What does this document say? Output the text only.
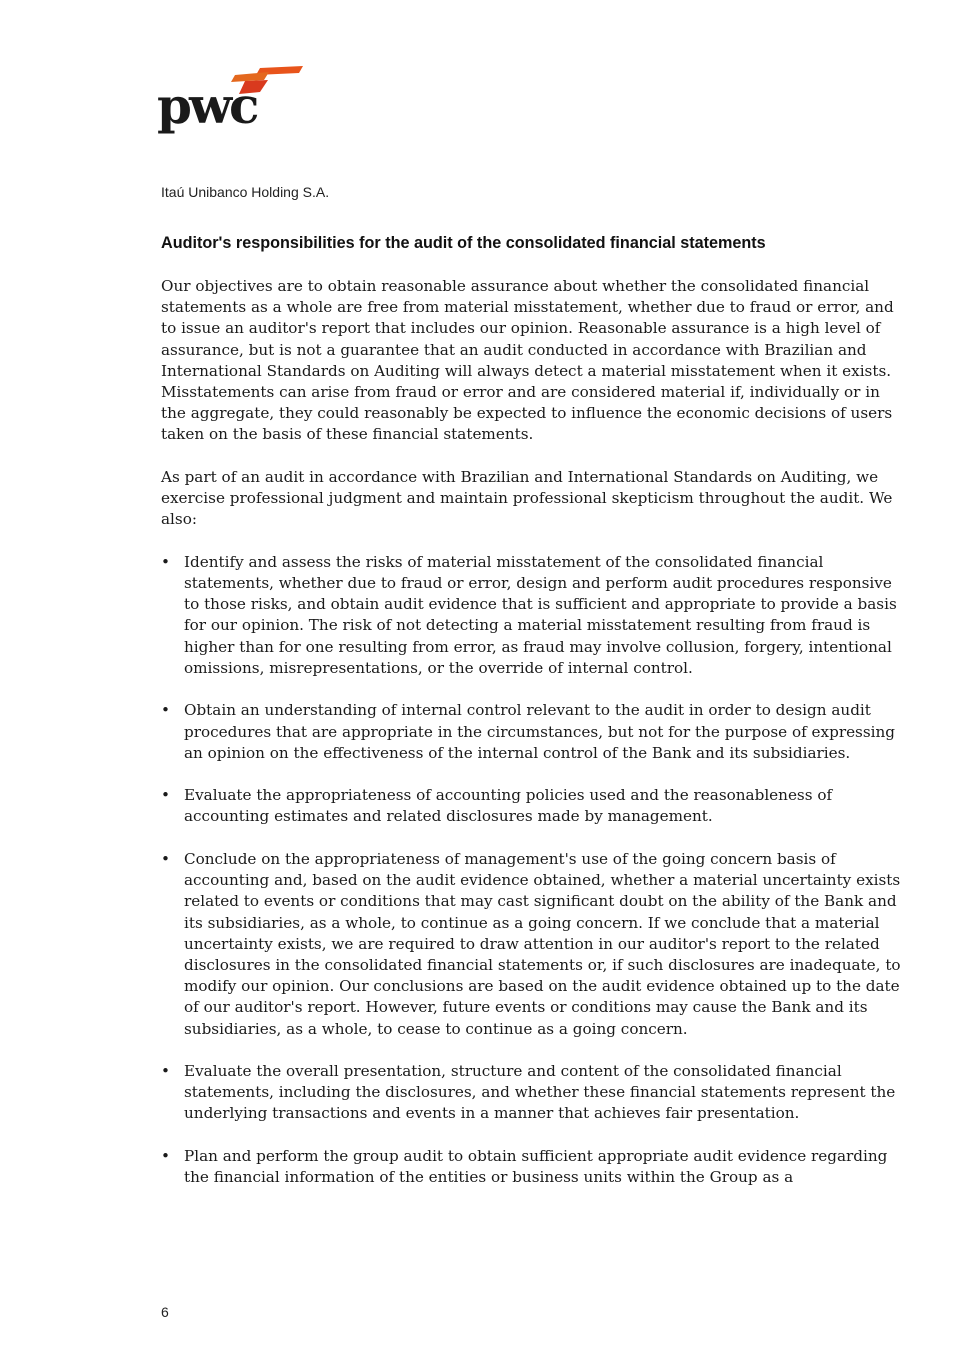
pwc

Itaú Unibanco Holding S.A.

Auditor's responsibilities for the audit of the consolidated financial statements

Our objectives are to obtain reasonable assurance about whether the consolidated financial statements as a whole are free from material misstatement, whether due to fraud or error, and to issue an auditor's report that includes our opinion. Reasonable assurance is a high level of assurance, but is not a guarantee that an audit conducted in accordance with Brazilian and International Standards on Auditing will always detect a material misstatement when it exists. Misstatements can arise from fraud or error and are considered material if, individually or in the aggregate, they could reasonably be expected to influence the economic decisions of users taken on the basis of these financial statements.

As part of an audit in accordance with Brazilian and International Standards on Auditing, we exercise professional judgment and maintain professional skepticism throughout the audit. We also:

• Identify and assess the risks of material misstatement of the consolidated financial statements, whether due to fraud or error, design and perform audit procedures responsive to those risks, and obtain audit evidence that is sufficient and appropriate to provide a basis for our opinion. The risk of not detecting a material misstatement resulting from fraud is higher than for one resulting from error, as fraud may involve collusion, forgery, intentional omissions, misrepresentations, or the override of internal control.
• Obtain an understanding of internal control relevant to the audit in order to design audit procedures that are appropriate in the circumstances, but not for the purpose of expressing an opinion on the effectiveness of the internal control of the Bank and its subsidiaries.
• Evaluate the appropriateness of accounting policies used and the reasonableness of accounting estimates and related disclosures made by management.
• Conclude on the appropriateness of management's use of the going concern basis of accounting and, based on the audit evidence obtained, whether a material uncertainty exists related to events or conditions that may cast significant doubt on the ability of the Bank and its subsidiaries, as a whole, to continue as a going concern. If we conclude that a material uncertainty exists, we are required to draw attention in our auditor's report to the related disclosures in the consolidated financial statements or, if such disclosures are inadequate, to modify our opinion. Our conclusions are based on the audit evidence obtained up to the date of our auditor's report. However, future events or conditions may cause the Bank and its subsidiaries, as a whole, to cease to continue as a going concern.
• Evaluate the overall presentation, structure and content of the consolidated financial statements, including the disclosures, and whether these financial statements represent the underlying transactions and events in a manner that achieves fair presentation.
• Plan and perform the group audit to obtain sufficient appropriate audit evidence regarding the financial information of the entities or business units within the Group as a

6
